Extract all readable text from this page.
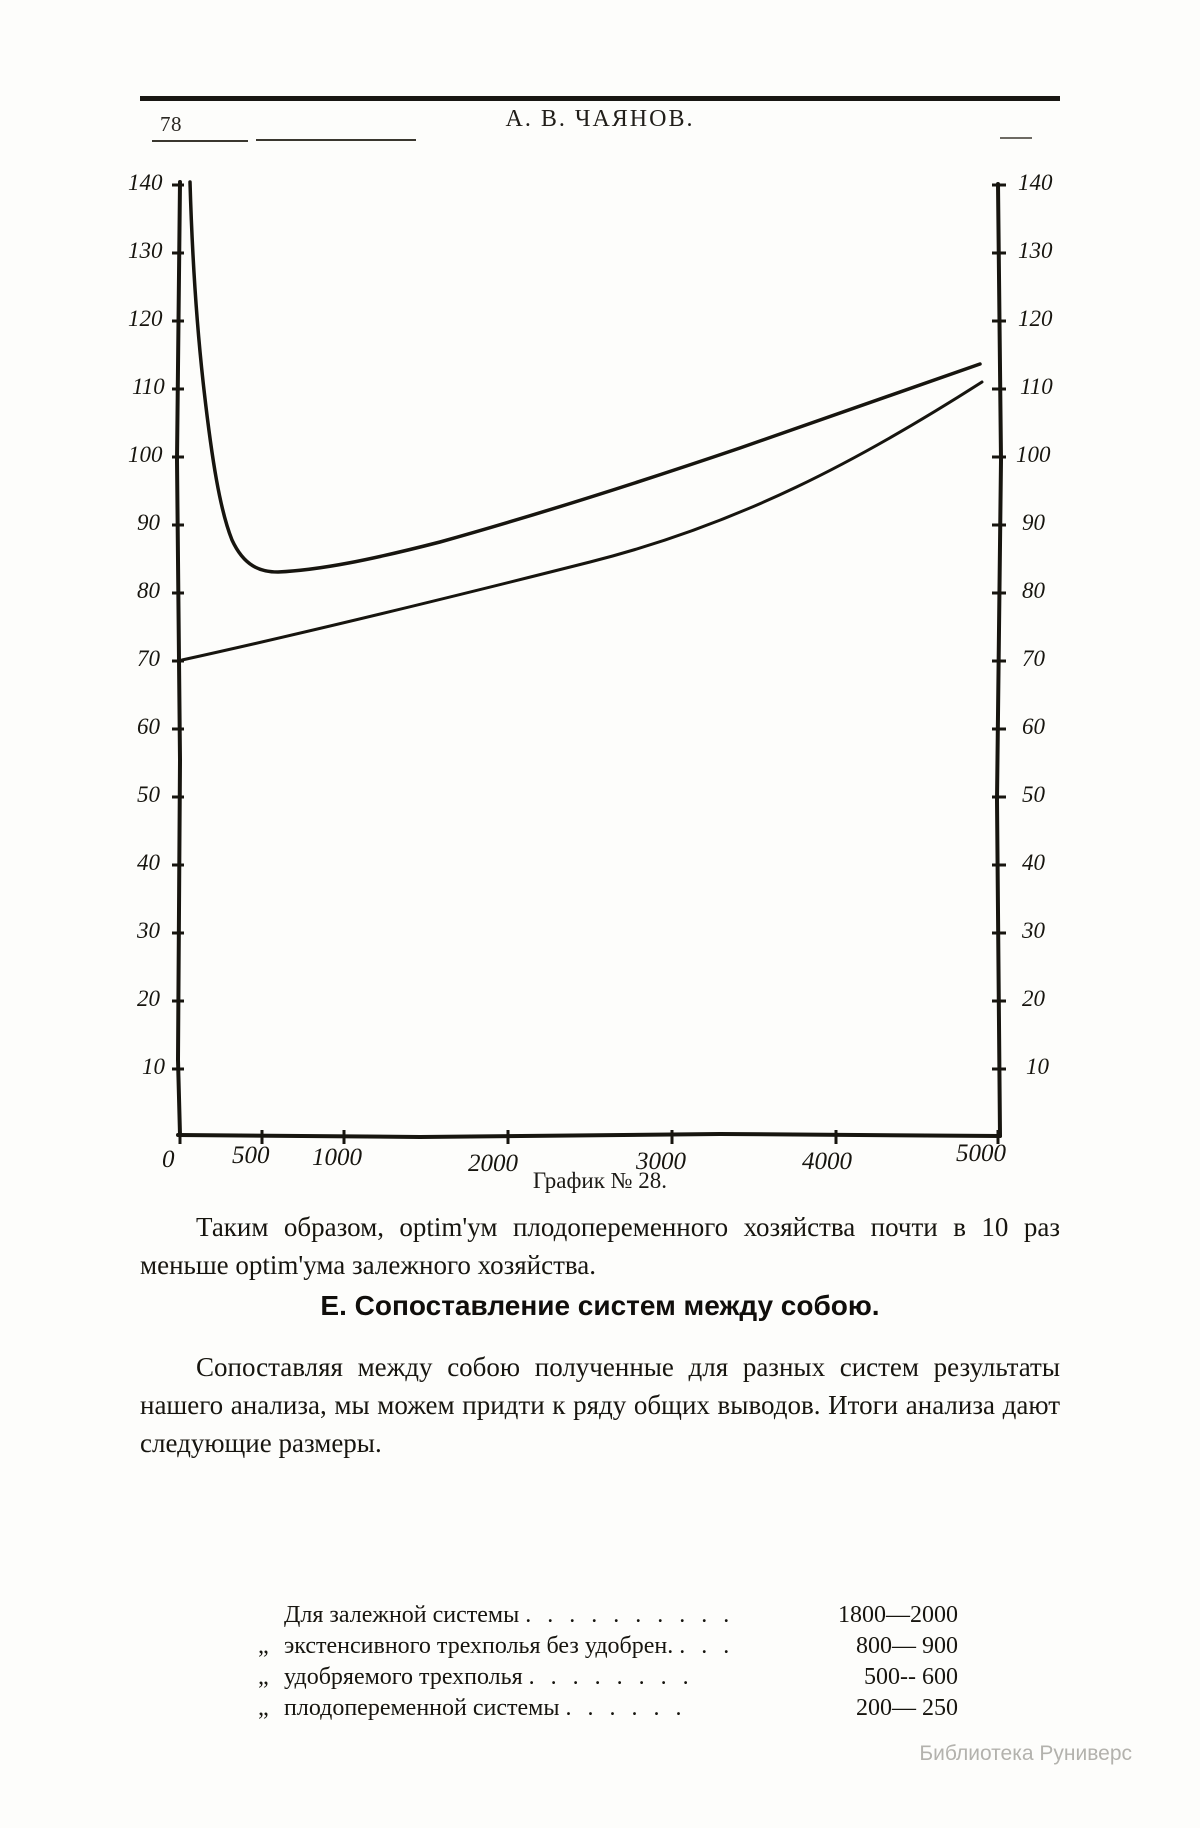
78	А. В. ЧАЯНОВ.
140
130
120
110
100
90
80
70
60
50
40
30
20
10
140
130
120
110
100
90
80
70
60
50
40
30
20
10
0 500 1000	2000	3000	4000	5000
График № 28.
Таким образом, optim'ум плодопеременного хозяйства почти в 10 раз меньше optim'ума залежного хозяйства.
Е. Сопоставление систем между собою.
Сопоставляя между собою полученные для разных систем результаты нашего анализа, мы можем придти к ряду общих выводов. Итоги анализа дают следующие размеры.
Для залежной системы . . . . . . . . . .	1800—2000
„ экстенсивного трехполья без удобрен. . . .	800— 900
„ удобряемого трехполья . . . . . . . .	500-- 600
„ плодопеременной системы . . . . . .	200— 250
Библиотека Руниверс
